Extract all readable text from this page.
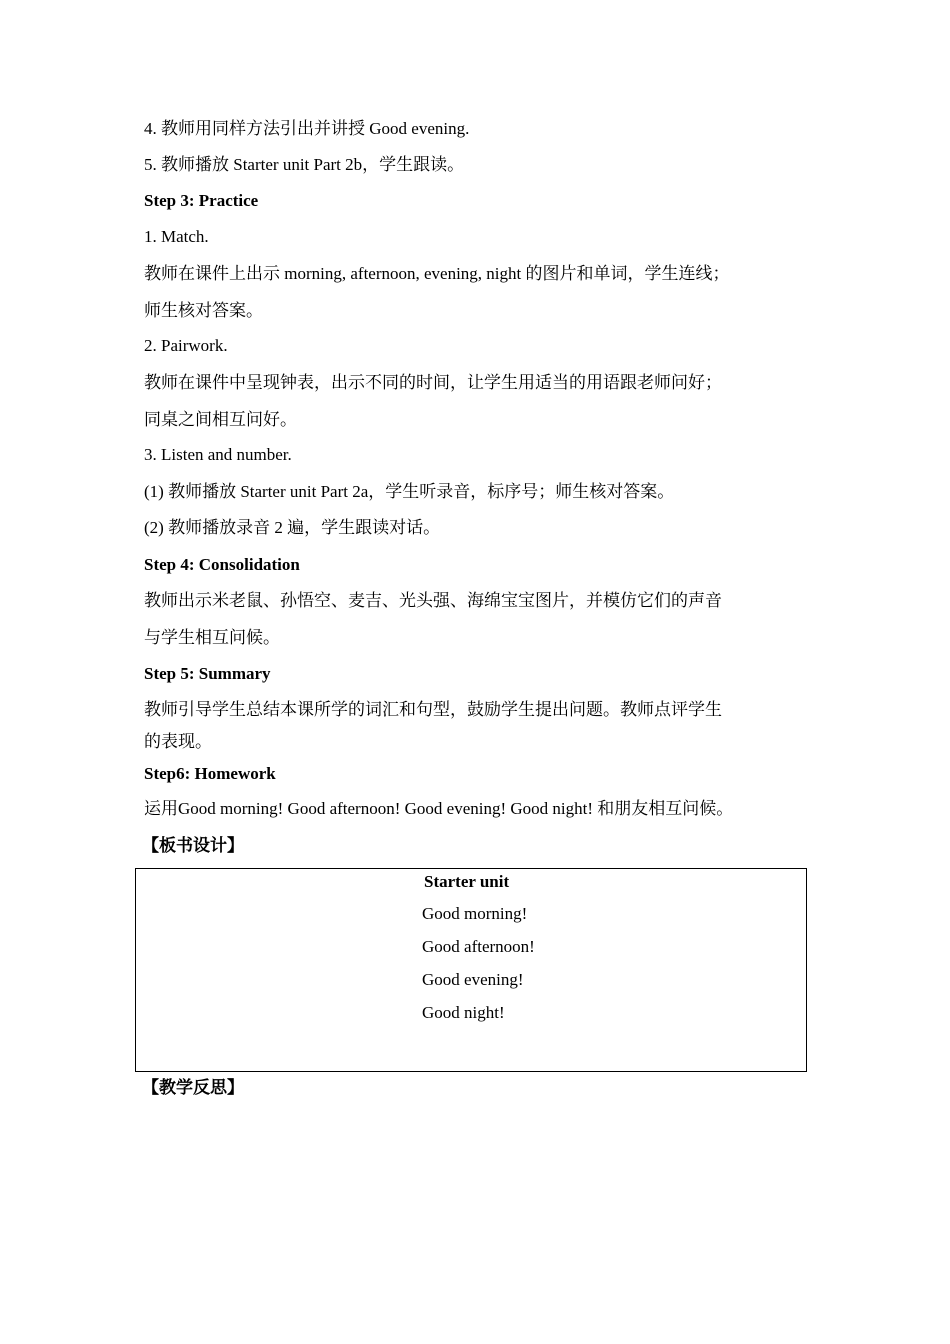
4. 教师用同样方法引出并讲授 Good evening.

5. 教师播放 Starter unit Part 2b，学生跟读。

Step 3: Practice

1. Match.

教师在课件上出示 morning, afternoon, evening, night 的图片和单词，学生连线；

师生核对答案。

2. Pairwork.

教师在课件中呈现钟表，出示不同的时间，让学生用适当的用语跟老师问好；

同桌之间相互问好。

3. Listen and number.

(1) 教师播放 Starter unit Part 2a，学生听录音，标序号；师生核对答案。

(2) 教师播放录音 2 遍，学生跟读对话。

Step 4: Consolidation

教师出示米老鼠、孙悟空、麦吉、光头强、海绵宝宝图片，并模仿它们的声音

与学生相互问候。

Step 5: Summary

教师引导学生总结本课所学的词汇和句型，鼓励学生提出问题。教师点评学生

的表现。

Step6: Homework

运用Good morning! Good afternoon! Good evening! Good night! 和朋友相互问候。

【板书设计】

Starter unit

Good morning!

Good afternoon!

Good evening!

Good night!

【教学反思】
